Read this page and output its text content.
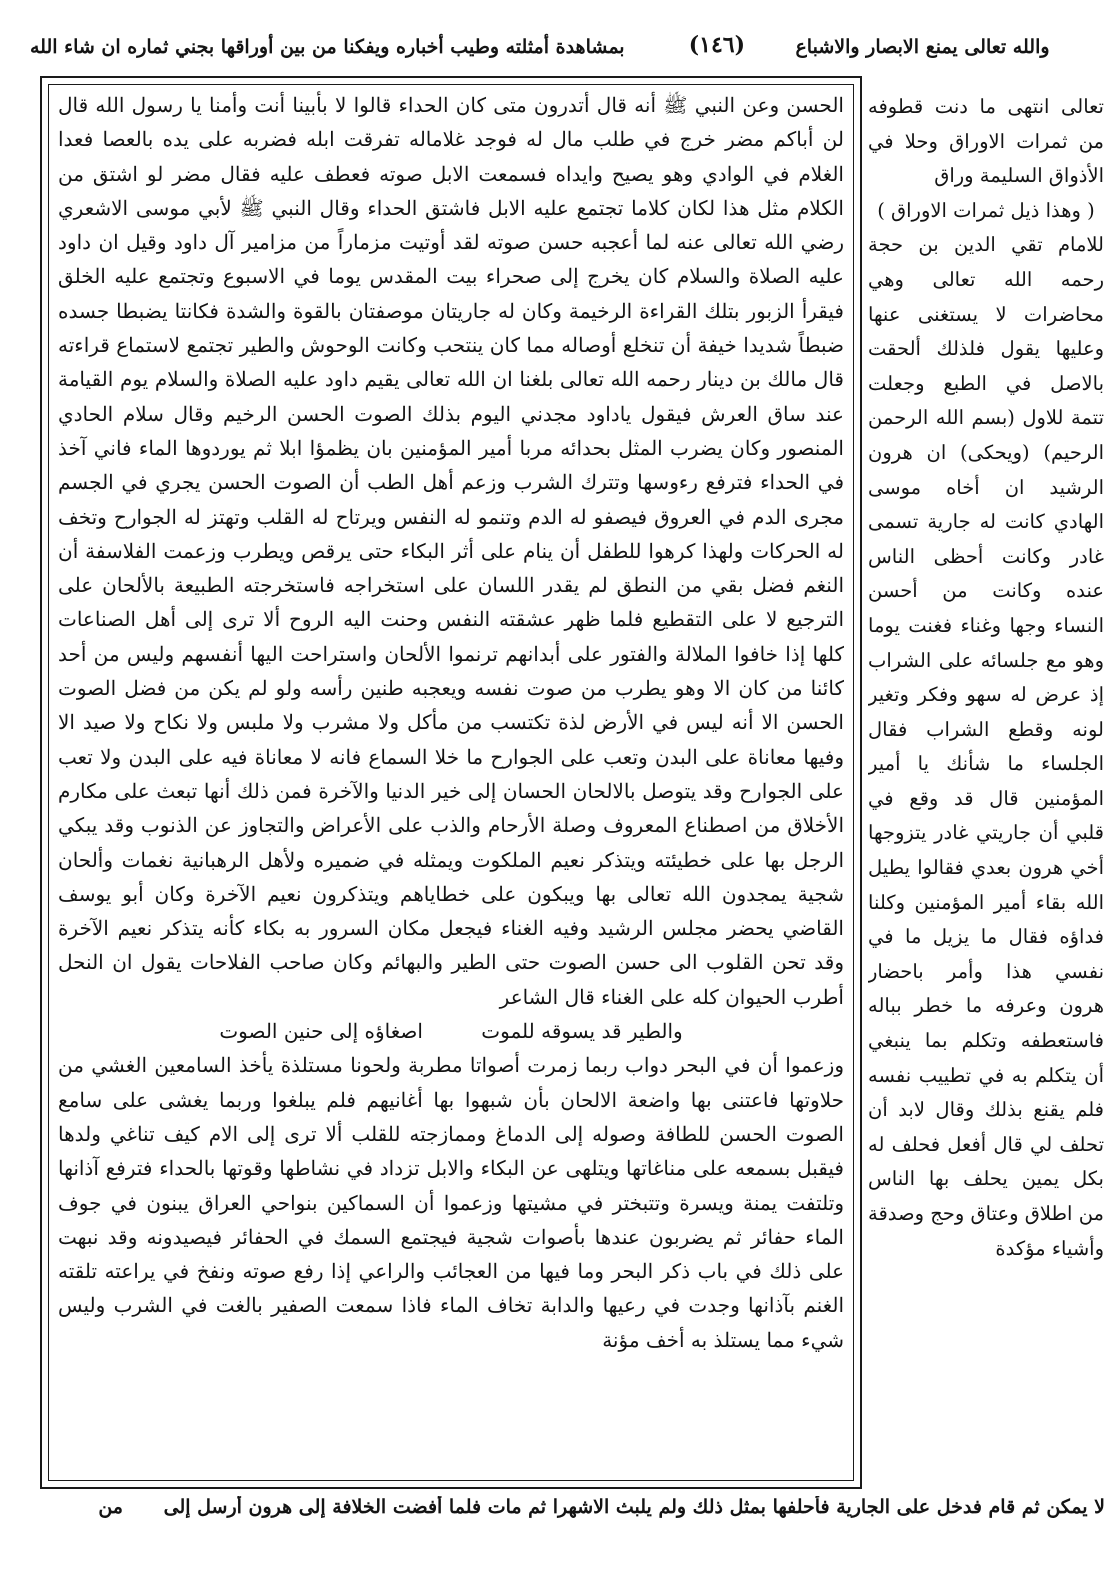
والله تعالى يمنع الابصار والاشباع
(١٤٦)
بمشاهدة أمثلته وطيب أخباره ويفكنا من بين أوراقها بجني ثماره ان شاء الله

الحسن وعن النبي ﷺ أنه قال أتدرون متى كان الحداء قالوا لا بأبينا أنت وأمنا يا رسول الله قال لن أباكم مضر خرج في طلب مال له فوجد غلاماله تفرقت ابله فضربه على يده بالعصا فعدا الغلام في الوادي وهو يصيح وايداه فسمعت الابل صوته فعطف عليه فقال مضر لو اشتق من الكلام مثل هذا لكان كلاما تجتمع عليه الابل فاشتق الحداء وقال النبي ﷺ لأبي موسى الاشعري رضي الله تعالى عنه لما أعجبه حسن صوته لقد أوتيت مزماراً من مزامير آل داود وقيل ان داود عليه الصلاة والسلام كان يخرج إلى صحراء بيت المقدس يوما في الاسبوع وتجتمع عليه الخلق فيقرأ الزبور بتلك القراءة الرخيمة وكان له جاريتان موصفتان بالقوة والشدة فكانتا يضبطا جسده ضبطاً شديدا خيفة أن تنخلع أوصاله مما كان ينتحب وكانت الوحوش والطير تجتمع لاستماع قراءته قال مالك بن دينار رحمه الله تعالى بلغنا ان الله تعالى يقيم داود عليه الصلاة والسلام يوم القيامة عند ساق العرش فيقول ياداود مجدني اليوم بذلك الصوت الحسن الرخيم وقال سلام الحادي المنصور وكان يضرب المثل بحدائه مربا أمير المؤمنين بان يظمؤا ابلا ثم يوردوها الماء فاني آخذ في الحداء فترفع رءوسها وتترك الشرب وزعم أهل الطب أن الصوت الحسن يجري في الجسم مجرى الدم في العروق فيصفو له الدم وتنمو له النفس ويرتاح له القلب وتهتز له الجوارح وتخف له الحركات ولهذا كرهوا للطفل أن ينام على أثر البكاء حتى يرقص ويطرب وزعمت الفلاسفة أن النغم فضل بقي من النطق لم يقدر اللسان على استخراجه فاستخرجته الطبيعة بالألحان على الترجيع لا على التقطيع فلما ظهر عشقته النفس وحنت اليه الروح ألا ترى إلى أهل الصناعات كلها إذا خافوا الملالة والفتور على أبدانهم ترنموا الألحان واستراحت اليها أنفسهم وليس من أحد كائنا من كان الا وهو يطرب من صوت نفسه ويعجبه طنين رأسه ولو لم يكن من فضل الصوت الحسن الا أنه ليس في الأرض لذة تكتسب من مأكل ولا مشرب ولا ملبس ولا نكاح ولا صيد الا وفيها معاناة على البدن وتعب على الجوارح ما خلا السماع فانه لا معاناة فيه على البدن ولا تعب على الجوارح وقد يتوصل بالالحان الحسان إلى خير الدنيا والآخرة فمن ذلك أنها تبعث على مكارم الأخلاق من اصطناع المعروف وصلة الأرحام والذب على الأعراض والتجاوز عن الذنوب وقد يبكي الرجل بها على خطيئته ويتذكر نعيم الملكوت ويمثله في ضميره ولأهل الرهبانية نغمات وألحان شجية يمجدون الله تعالى بها ويبكون على خطاياهم ويتذكرون نعيم الآخرة وكان أبو يوسف القاضي يحضر مجلس الرشيد وفيه الغناء فيجعل مكان السرور به بكاء كأنه يتذكر نعيم الآخرة وقد تحن القلوب الى حسن الصوت حتى الطير والبهائم وكان صاحب الفلاحات يقول ان النحل أطرب الحيوان كله على الغناء قال الشاعر

والطير قد يسوقه للموت اصغاؤه إلى حنين الصوت

وزعموا أن في البحر دواب ربما زمرت أصواتا مطربة ولحونا مستلذة يأخذ السامعين الغشي من حلاوتها فاعتنى بها واضعة الالحان بأن شبهوا بها أغانيهم فلم يبلغوا وربما يغشى على سامع الصوت الحسن للطافة وصوله إلى الدماغ وممازجته للقلب ألا ترى إلى الام كيف تناغي ولدها فيقبل بسمعه على مناغاتها ويتلهى عن البكاء والابل تزداد في نشاطها وقوتها بالحداء فترفع آذانها وتلتفت يمنة ويسرة وتتبختر في مشيتها وزعموا أن السماكين بنواحي العراق يبنون في جوف الماء حفائر ثم يضربون عندها بأصوات شجية فيجتمع السمك في الحفائر فيصيدونه وقد نبهت على ذلك في باب ذكر البحر وما فيها من العجائب والراعي إذا رفع صوته ونفخ في يراعته تلقته الغنم بآذانها وجدت في رعيها والدابة تخاف الماء فاذا سمعت الصفير بالغت في الشرب وليس شيء مما يستلذ به أخف مؤنة

تعالى انتهى ما دنت قطوفه من ثمرات الاوراق وحلا في الأذواق السليمة وراق

( وهذا ذيل ثمرات الاوراق )

للامام تقي الدين بن حجة رحمه الله تعالى وهي محاضرات لا يستغنى عنها وعليها يقول فلذلك ألحقت بالاصل في الطبع وجعلت تتمة للاول (بسم الله الرحمن الرحيم) (ويحكى) ان هرون الرشيد ان أخاه موسى الهادي كانت له جارية تسمى غادر وكانت أحظى الناس عنده وكانت من أحسن النساء وجها وغناء فغنت يوما وهو مع جلسائه على الشراب إذ عرض له سهو وفكر وتغير لونه وقطع الشراب فقال الجلساء ما شأنك يا أمير المؤمنين قال قد وقع في قلبي أن جاريتي غادر يتزوجها أخي هرون بعدي فقالوا يطيل الله بقاء أمير المؤمنين وكلنا فداؤه فقال ما يزيل ما في نفسي هذا وأمر باحضار هرون وعرفه ما خطر بباله فاستعطفه وتكلم بما ينبغي أن يتكلم به في تطييب نفسه فلم يقنع بذلك وقال لابد أن تحلف لي قال أفعل فحلف له بكل يمين يحلف بها الناس من اطلاق وعتاق وحج وصدقة وأشياء مؤكدة

لا يمكن ثم قام فدخل على الجارية فأحلفها بمثل ذلك ولم يلبث الاشهرا ثم مات فلما أفضت الخلافة إلى هرون أرسل إلى من
